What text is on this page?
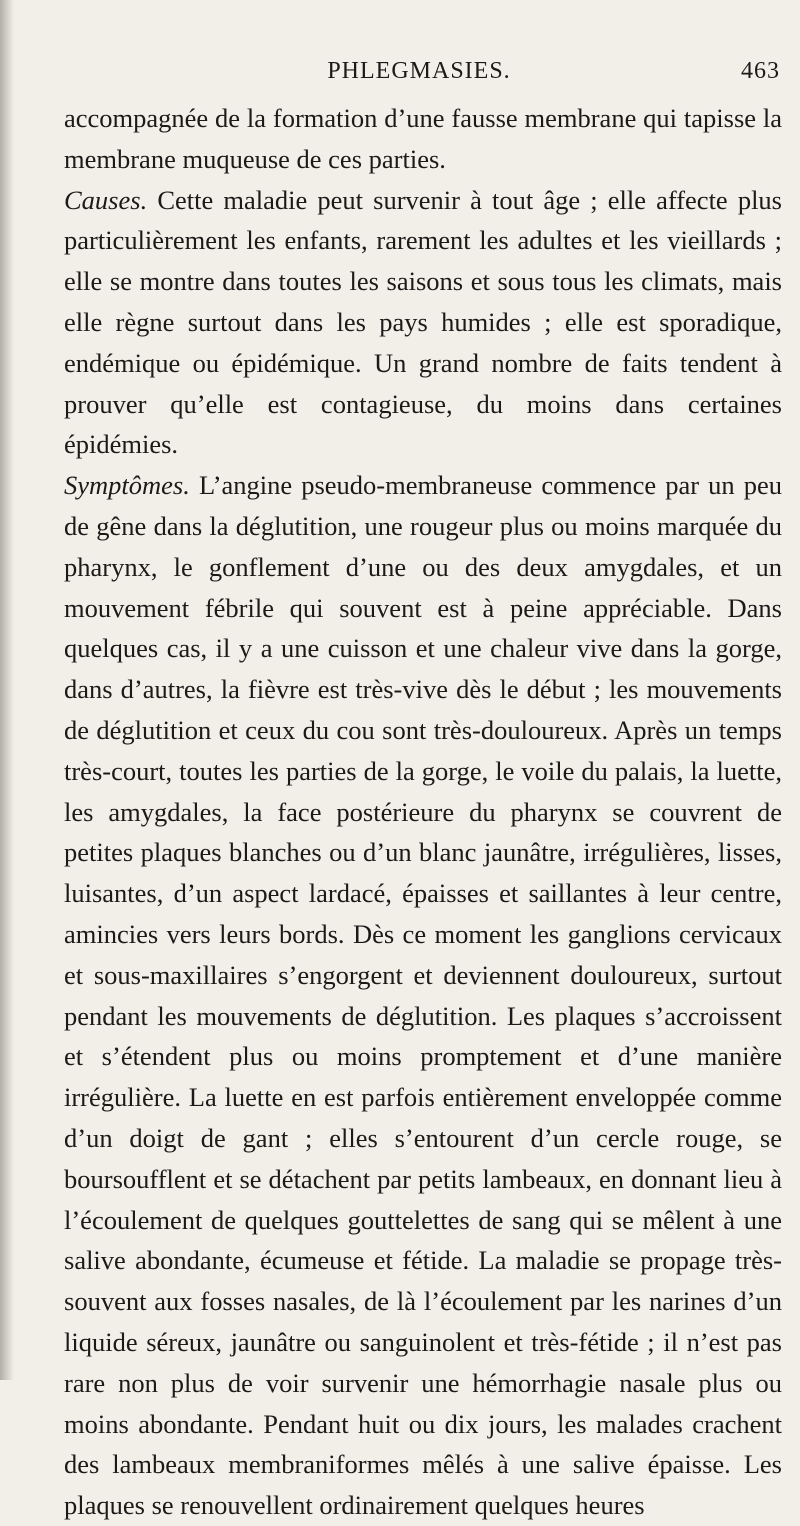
PHLEGMASIES.	463

accompagnée de la formation d’une fausse membrane qui tapisse la membrane muqueuse de ces parties.

Causes. Cette maladie peut survenir à tout âge ; elle affecte plus particulièrement les enfants, rarement les adultes et les vieillards ; elle se montre dans toutes les saisons et sous tous les climats, mais elle règne surtout dans les pays humides ; elle est sporadique, endémique ou épidémique. Un grand nombre de faits tendent à prouver qu’elle est contagieuse, du moins dans certaines épidémies.

Symptômes. L’angine pseudo-membraneuse commence par un peu de gêne dans la déglutition, une rougeur plus ou moins marquée du pharynx, le gonflement d’une ou des deux amygdales, et un mouvement fébrile qui souvent est à peine appréciable. Dans quelques cas, il y a une cuisson et une chaleur vive dans la gorge, dans d’autres, la fièvre est très-vive dès le début ; les mouvements de déglutition et ceux du cou sont très-douloureux. Après un temps très-court, toutes les parties de la gorge, le voile du palais, la luette, les amygdales, la face postérieure du pharynx se couvrent de petites plaques blanches ou d’un blanc jaunâtre, irrégulières, lisses, luisantes, d’un aspect lardacé, épaisses et saillantes à leur centre, amincies vers leurs bords. Dès ce moment les ganglions cervicaux et sous-maxillaires s’engorgent et deviennent douloureux, surtout pendant les mouvements de déglutition. Les plaques s’accroissent et s’étendent plus ou moins promptement et d’une manière irrégulière. La luette en est parfois entièrement enveloppée comme d’un doigt de gant ; elles s’entourent d’un cercle rouge, se boursoufflent et se détachent par petits lambeaux, en donnant lieu à l’écoulement de quelques gouttelettes de sang qui se mêlent à une salive abondante, écumeuse et fétide. La maladie se propage très-souvent aux fosses nasales, de là l’écoulement par les narines d’un liquide séreux, jaunâtre ou sanguinolent et très-fétide ; il n’est pas rare non plus de voir survenir une hémorrhagie nasale plus ou moins abondante. Pendant huit ou dix jours, les malades crachent des lambeaux membraniformes mêlés à une salive épaisse. Les plaques se renouvellent ordinairement quelques heures
